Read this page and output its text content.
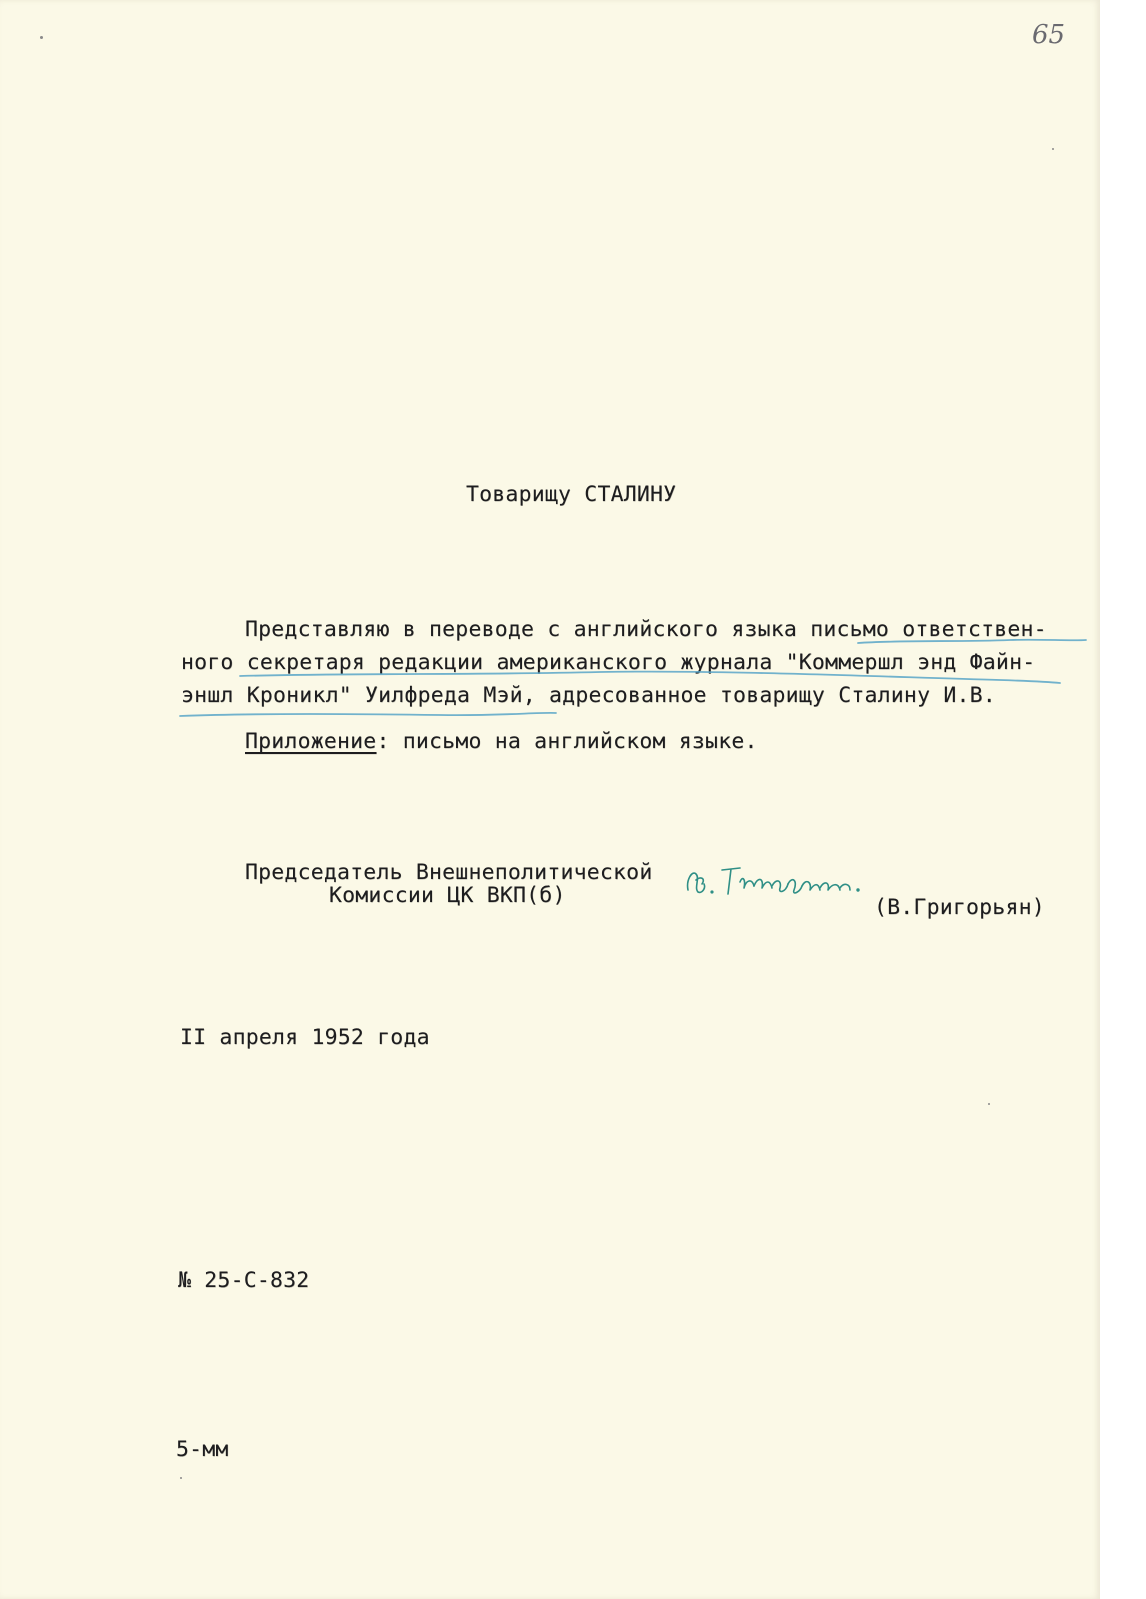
65
Товарищу СТАЛИНУ
Представляю в переводе с английского языка письмо ответствен-
ного секретаря редакции американского журнала "Коммершл энд Файн-
эншл Кроникл" Уилфреда Мэй, адресованное товарищу Сталину И.В.
Приложение: письмо на английском языке.
Председатель Внешнеполитической
Комиссии ЦК ВКП(б)	(В.Григорьян)
II апреля 1952 года
№ 25-С-832
5-мм
